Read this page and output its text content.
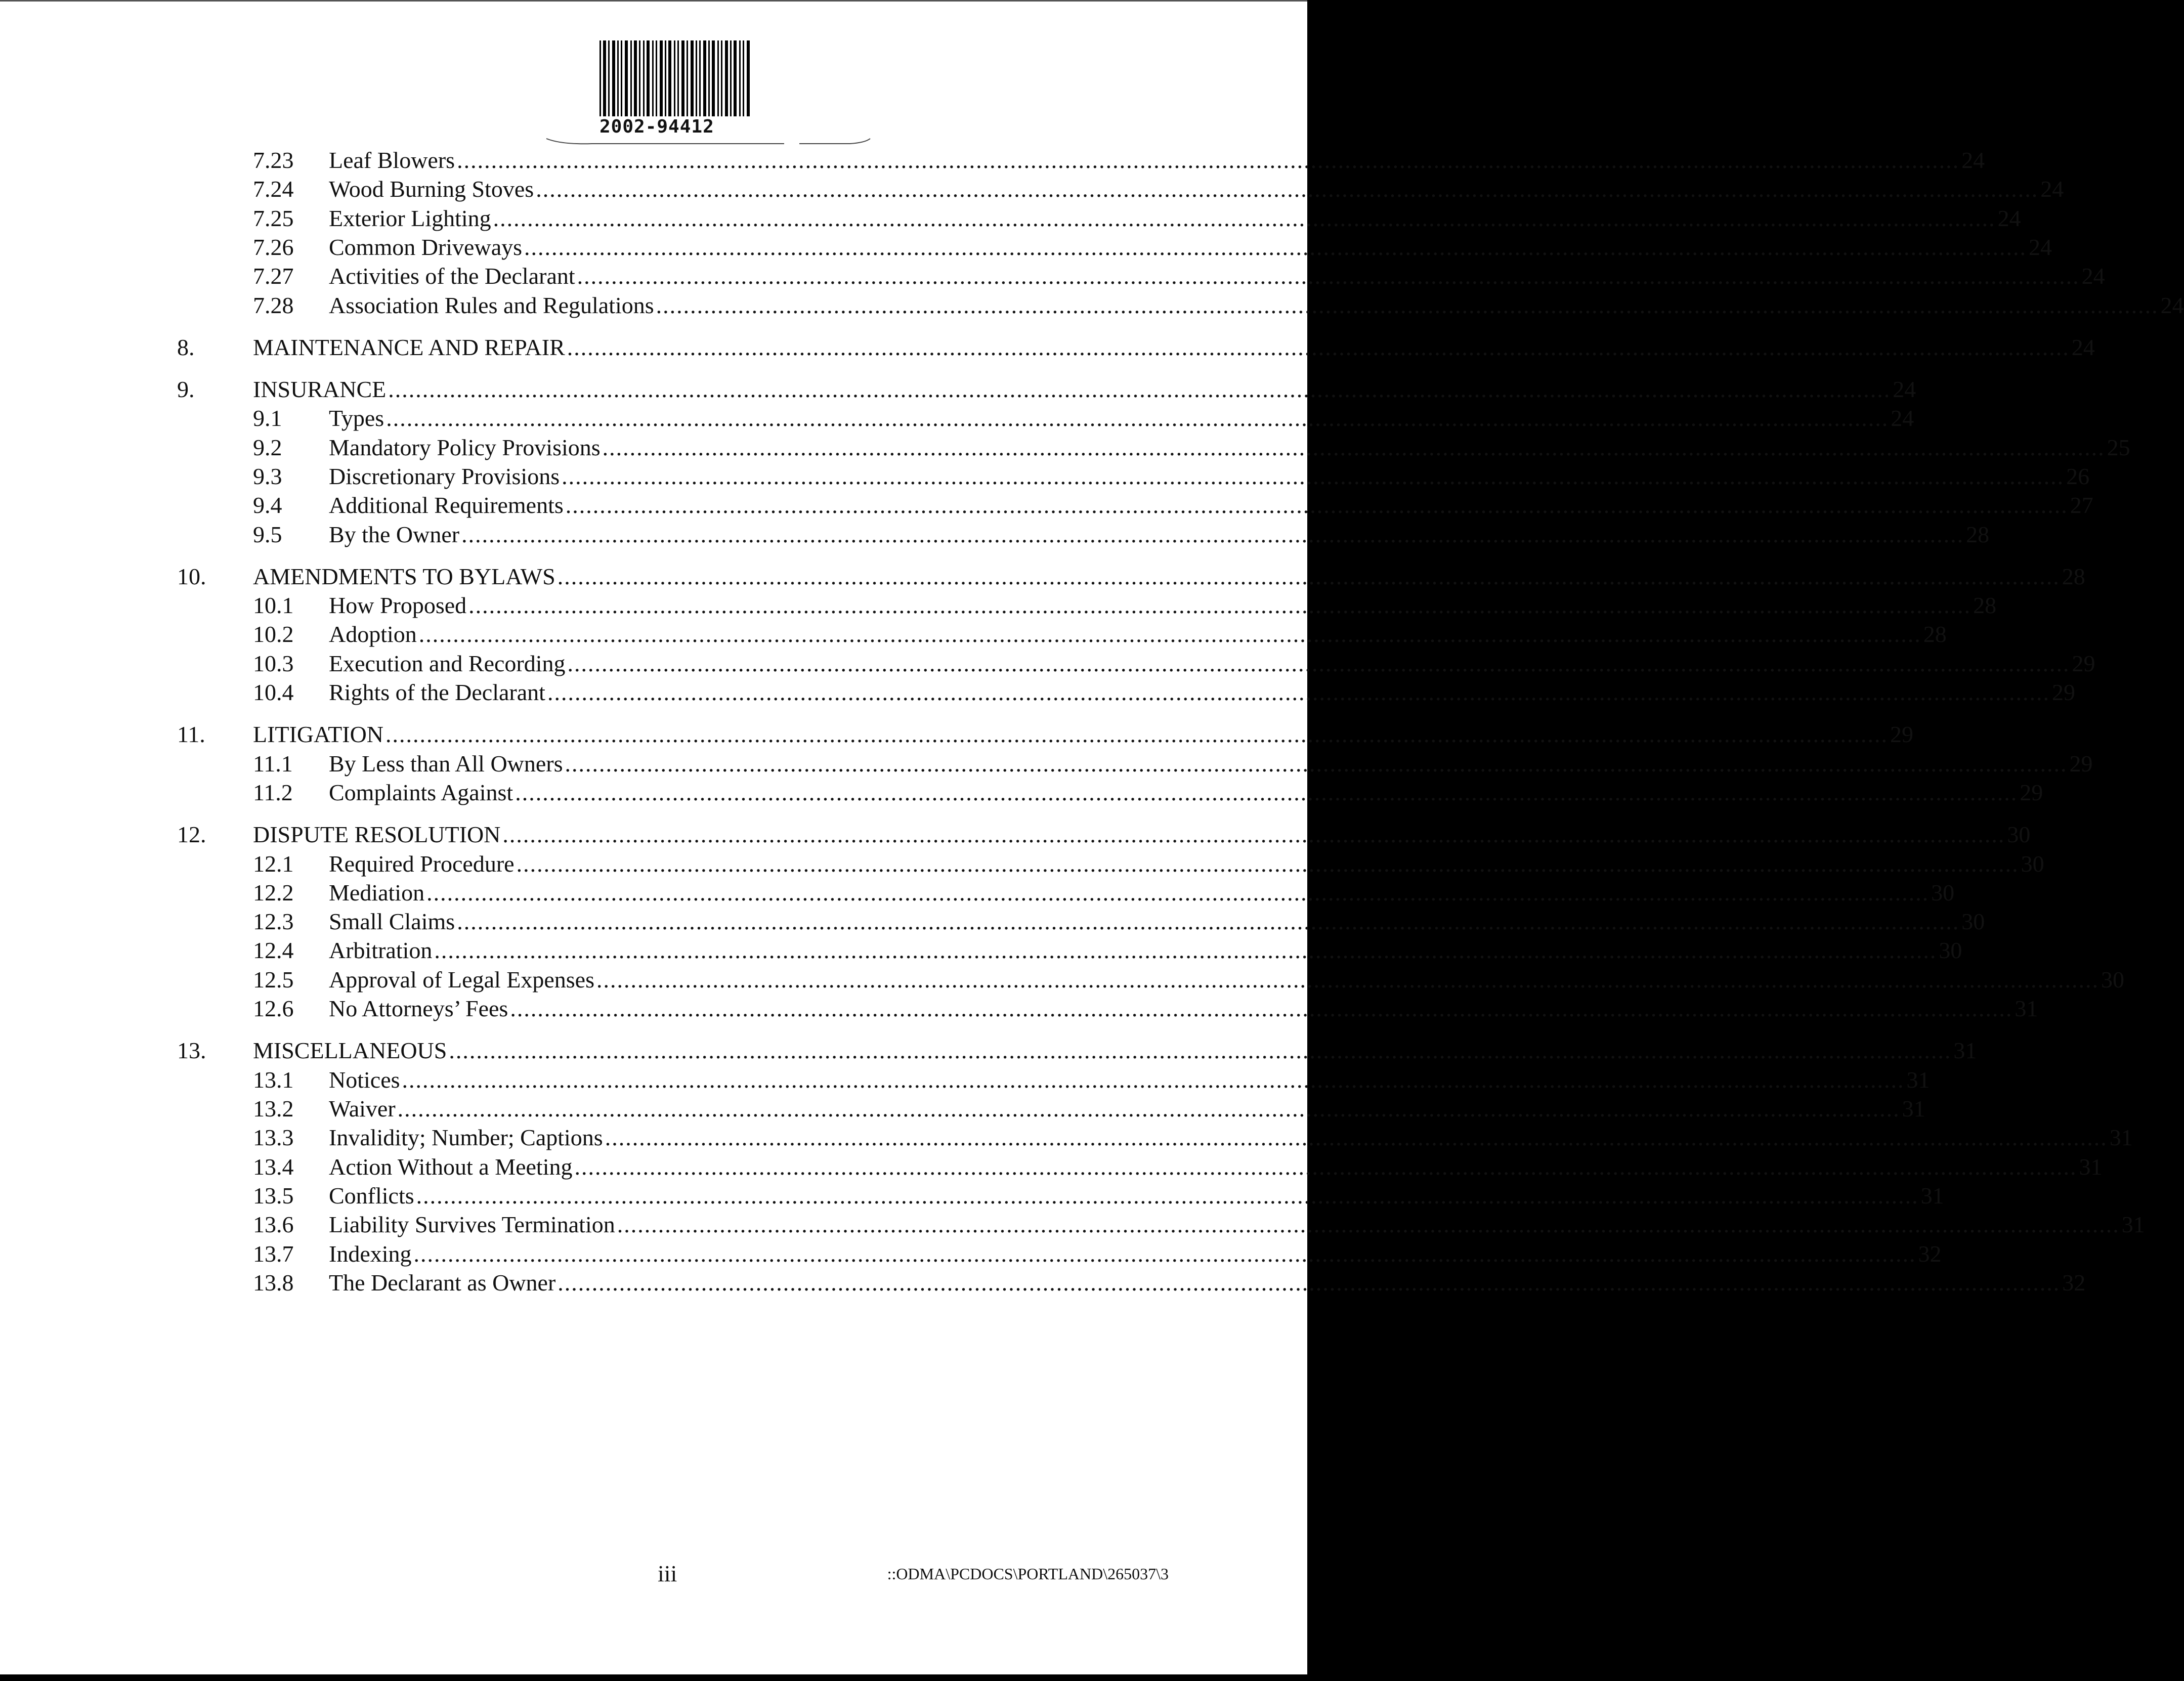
2002-94412
7.23 Leaf Blowers ............................................................................................................................................................................................................................ 24
7.24 Wood Burning Stoves ............................................................................................................................................................................................................................ 24
7.25 Exterior Lighting ............................................................................................................................................................................................................................ 24
7.26 Common Driveways ............................................................................................................................................................................................................................ 24
7.27 Activities of the Declarant ............................................................................................................................................................................................................................ 24
7.28 Association Rules and Regulations ............................................................................................................................................................................................................................ 24
8.	MAINTENANCE AND REPAIR ............................................................................................................................................................................................................................ 24
9.	INSURANCE ............................................................................................................................................................................................................................ 24
9.1 Types ............................................................................................................................................................................................................................ 24
9.2 Mandatory Policy Provisions ............................................................................................................................................................................................................................ 25
9.3 Discretionary Provisions ............................................................................................................................................................................................................................ 26
9.4 Additional Requirements ............................................................................................................................................................................................................................ 27
9.5 By the Owner ............................................................................................................................................................................................................................ 28
10. AMENDMENTS TO BYLAWS ............................................................................................................................................................................................................................ 28
10.1 How Proposed ............................................................................................................................................................................................................................ 28
10.2 Adoption ............................................................................................................................................................................................................................ 28
10.3 Execution and Recording ............................................................................................................................................................................................................................ 29
10.4 Rights of the Declarant ............................................................................................................................................................................................................................ 29
11. LITIGATION ............................................................................................................................................................................................................................ 29
11.1 By Less than All Owners ............................................................................................................................................................................................................................ 29
11.2 Complaints Against ............................................................................................................................................................................................................................ 29
12. DISPUTE RESOLUTION ............................................................................................................................................................................................................................ 30
12.1 Required Procedure ............................................................................................................................................................................................................................ 30
12.2 Mediation ............................................................................................................................................................................................................................ 30
12.3 Small Claims ............................................................................................................................................................................................................................ 30
12.4 Arbitration ............................................................................................................................................................................................................................ 30
12.5 Approval of Legal Expenses ............................................................................................................................................................................................................................ 30
12.6 No Attorneys’ Fees ............................................................................................................................................................................................................................ 31
13. MISCELLANEOUS ............................................................................................................................................................................................................................ 31
13.1 Notices ............................................................................................................................................................................................................................ 31
13.2 Waiver ............................................................................................................................................................................................................................ 31
13.3 Invalidity; Number; Captions ............................................................................................................................................................................................................................ 31
13.4 Action Without a Meeting ............................................................................................................................................................................................................................ 31
13.5 Conflicts ............................................................................................................................................................................................................................ 31
13.6 Liability Survives Termination ............................................................................................................................................................................................................................ 31
13.7 Indexing ............................................................................................................................................................................................................................ 32
13.8 The Declarant as Owner ............................................................................................................................................................................................................................ 32
iii	::ODMA\PCDOCS\PORTLAND\265037\3
